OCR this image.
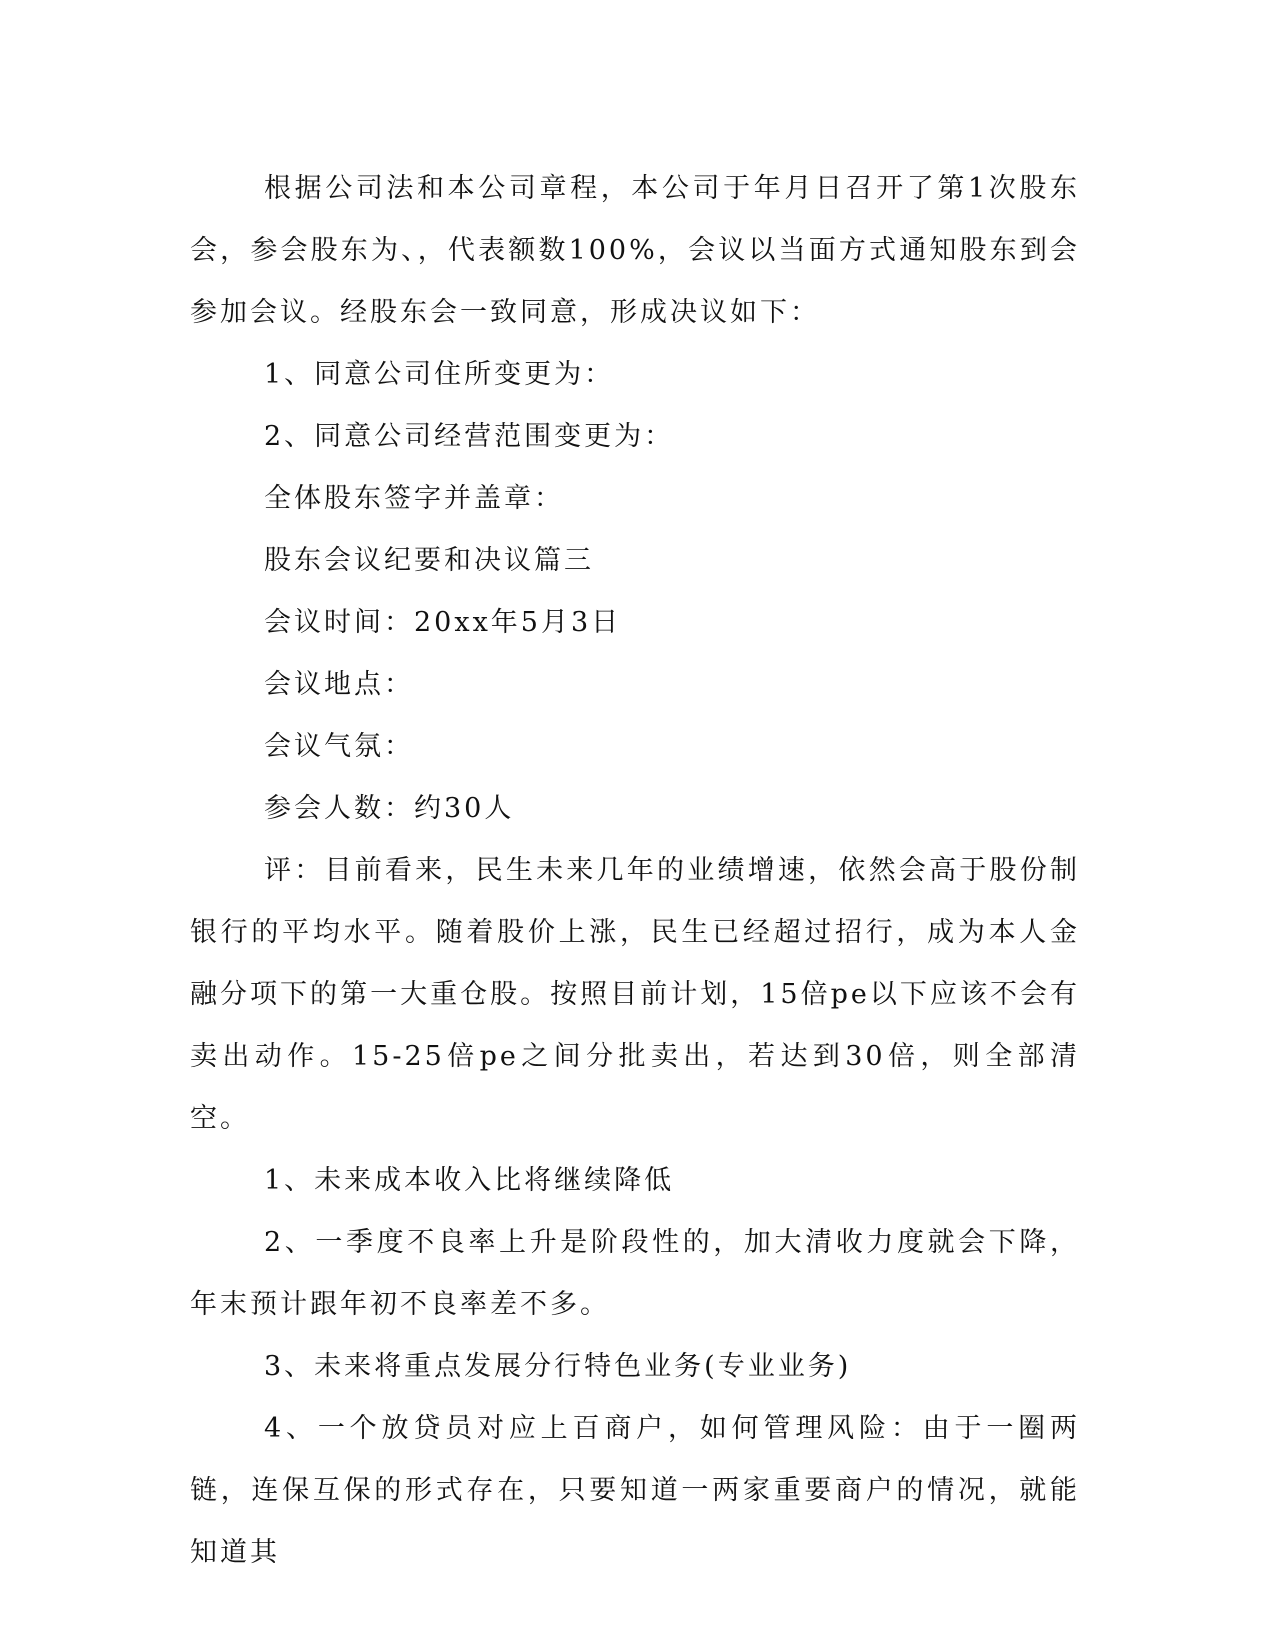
根据公司法和本公司章程，本公司于年月日召开了第1次股东会，参会股东为、，代表额数100%，会议以当面方式通知股东到会参加会议。经股东会一致同意，形成决议如下：

1、同意公司住所变更为：

2、同意公司经营范围变更为：

全体股东签字并盖章：

股东会议纪要和决议篇三

会议时间：20xx年5月3日

会议地点：

会议气氛：

参会人数：约30人

评：目前看来，民生未来几年的业绩增速，依然会高于股份制银行的平均水平。随着股价上涨，民生已经超过招行，成为本人金融分项下的第一大重仓股。按照目前计划，15倍pe以下应该不会有卖出动作。15-25倍pe之间分批卖出，若达到30倍，则全部清空。

1、未来成本收入比将继续降低

2、一季度不良率上升是阶段性的，加大清收力度就会下降，年末预计跟年初不良率差不多。

3、未来将重点发展分行特色业务(专业业务)

4、一个放贷员对应上百商户，如何管理风险：由于一圈两链，连保互保的形式存在，只要知道一两家重要商户的情况，就能知道其
